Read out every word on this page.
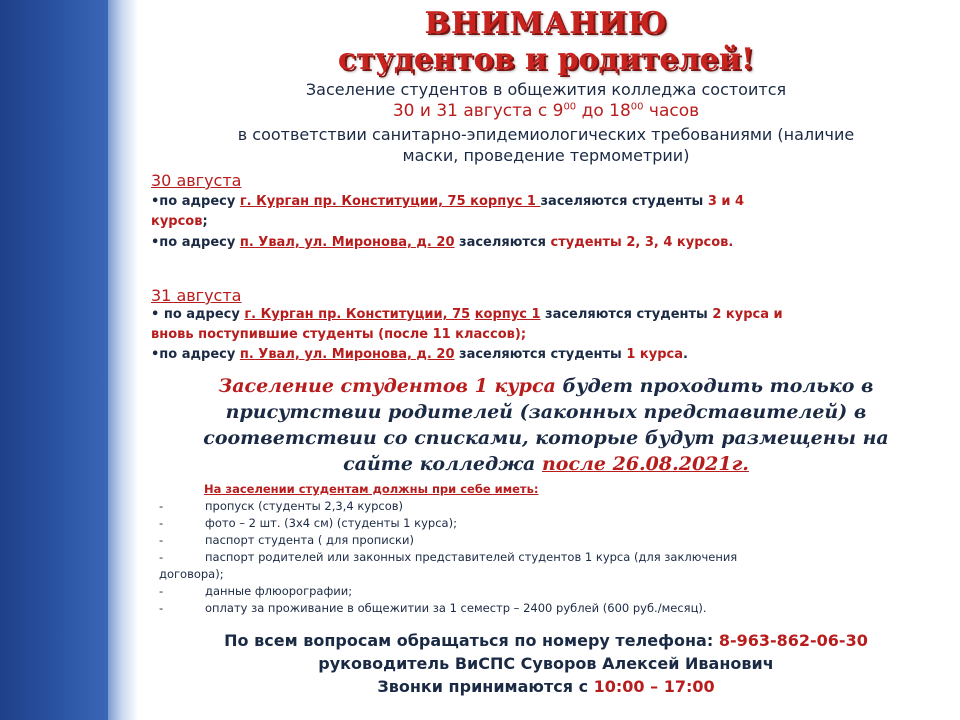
ВНИМАНИЮ
студентов и родителей!
Заселение студентов в общежития колледжа состоится
30 и 31 августа с $9^{00}$ до $18^{00}$ часов
в соответствии санитарно-эпидемиологических требованиями (наличие
маски, проведение термометрии)
30 августа
•по адресу г. Курган пр. Конституции, 75 корпус 1 заселяются студенты 3 и 4
курсов;
•по адресу п. Увал, ул. Миронова, д. 20 заселяются студенты 2, 3, 4 курсов.
31 августа
• по адресу г. Курган пр. Конституции, 75 корпус 1 заселяются студенты 2 курса и
вновь поступившие студенты (после 11 классов);
•по адресу п. Увал, ул. Миронова, д. 20 заселяются студенты 1 курса.
Заселение студентов 1 курса будет проходить только в
присутствии родителей (законных представителей) в
соответствии со списками, которые будут размещены на
сайте колледжа после 26.08.2021г.
На заселении студентам должны при себе иметь:
-	пропуск (студенты 2,3,4 курсов)
-	фото – 2 шт. (3х4 см) (студенты 1 курса);
-	паспорт студента ( для прописки)
-	паспорт родителей или законных представителей студентов 1 курса (для заключения
договора);
-	данные флюорографии;
-	оплату за проживание в общежитии за 1 семестр – 2400 рублей (600 руб./месяц).
По всем вопросам обращаться по номеру телефона: 8-963-862-06-30
руководитель ВиСПС Суворов Алексей Иванович
Звонки принимаются с 10:00 – 17:00
